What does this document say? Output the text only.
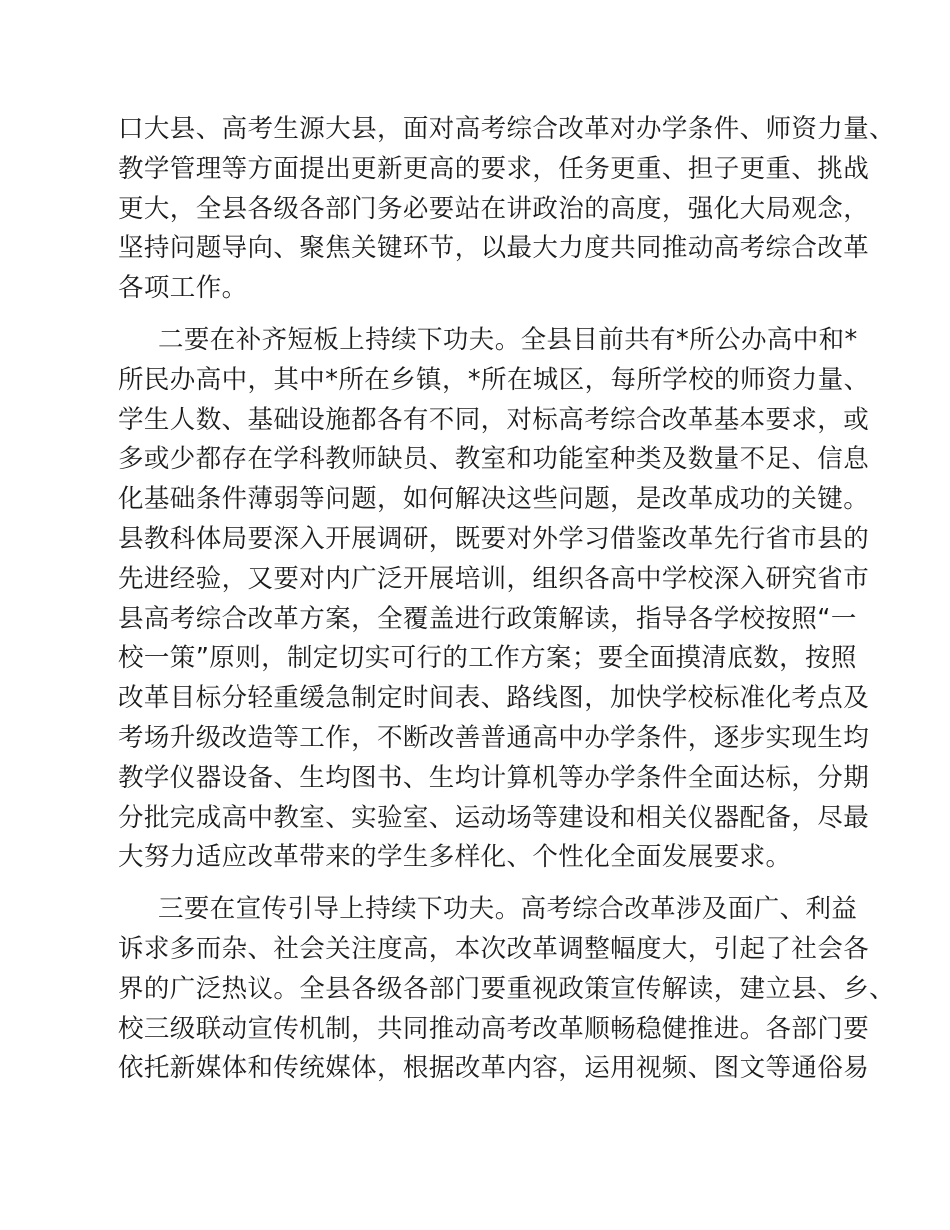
口大县、高考生源大县，面对高考综合改革对办学条件、师资力量、
教学管理等方面提出更新更高的要求，任务更重、担子更重、挑战
更大，全县各级各部门务必要站在讲政治的高度，强化大局观念，
坚持问题导向、聚焦关键环节，以最大力度共同推动高考综合改革
各项工作。
二要在补齐短板上持续下功夫。全县目前共有*所公办高中和*
所民办高中，其中*所在乡镇，*所在城区，每所学校的师资力量、
学生人数、基础设施都各有不同，对标高考综合改革基本要求，或
多或少都存在学科教师缺员、教室和功能室种类及数量不足、信息
化基础条件薄弱等问题，如何解决这些问题，是改革成功的关键。
县教科体局要深入开展调研，既要对外学习借鉴改革先行省市县的
先进经验，又要对内广泛开展培训，组织各高中学校深入研究省市
县高考综合改革方案，全覆盖进行政策解读，指导各学校按照“一
校一策”原则，制定切实可行的工作方案；要全面摸清底数，按照
改革目标分轻重缓急制定时间表、路线图，加快学校标准化考点及
考场升级改造等工作，不断改善普通高中办学条件，逐步实现生均
教学仪器设备、生均图书、生均计算机等办学条件全面达标，分期
分批完成高中教室、实验室、运动场等建设和相关仪器配备，尽最
大努力适应改革带来的学生多样化、个性化全面发展要求。
三要在宣传引导上持续下功夫。高考综合改革涉及面广、利益
诉求多而杂、社会关注度高，本次改革调整幅度大，引起了社会各
界的广泛热议。全县各级各部门要重视政策宣传解读，建立县、乡、
校三级联动宣传机制，共同推动高考改革顺畅稳健推进。各部门要
依托新媒体和传统媒体，根据改革内容，运用视频、图文等通俗易
